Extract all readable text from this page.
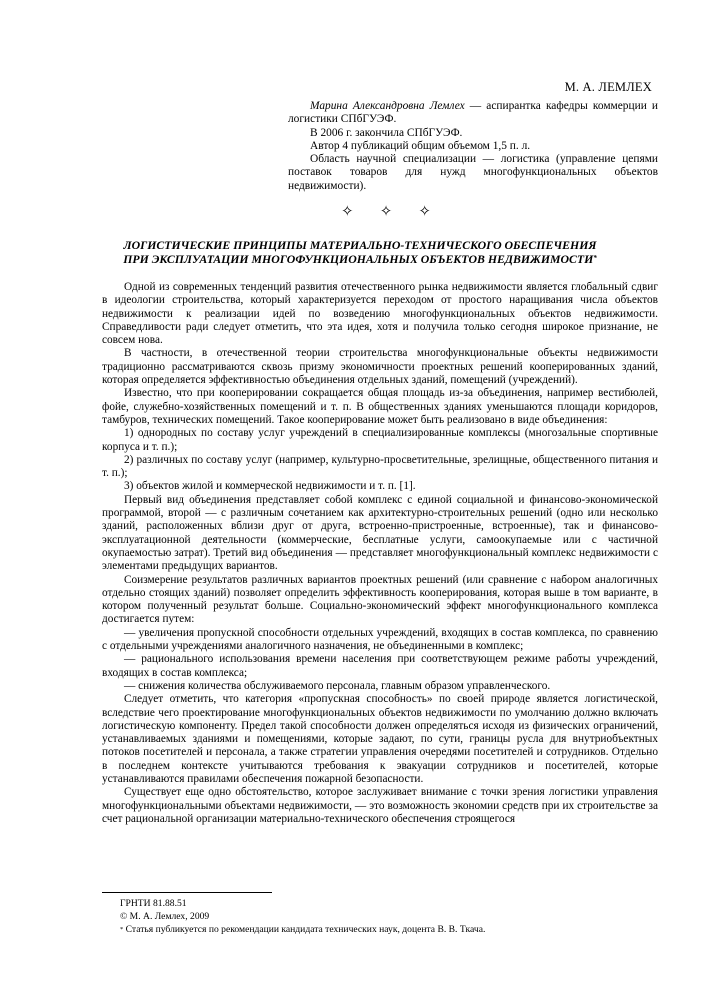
М. А. ЛЕМЛЕХ

Марина Александровна Лемлех — аспирантка кафедры коммерции и логистики СПбГУЭФ.

В 2006 г. закончила СПбГУЭФ.

Автор 4 публикаций общим объемом 1,5 п. л.

Область научной специализации — логистика (управление цепями поставок товаров для нужд многофункциональных объектов недвижимости).

✧ ✧ ✧
ЛОГИСТИЧЕСКИЕ ПРИНЦИПЫ МАТЕРИАЛЬНО-ТЕХНИЧЕСКОГО ОБЕСПЕЧЕНИЯ
ПРИ ЭКСПЛУАТАЦИИ МНОГОФУНКЦИОНАЛЬНЫХ ОБЪЕКТОВ НЕДВИЖИМОСТИ*

Одной из современных тенденций развития отечественного рынка недвижимости является глобальный сдвиг в идеологии строительства, который характеризуется переходом от простого наращивания числа объектов недвижимости к реализации идей по возведению многофункциональных объектов недвижимости. Справедливости ради следует отметить, что эта идея, хотя и получила только сегодня широкое признание, не совсем нова.

В частности, в отечественной теории строительства многофункциональные объекты недвижимости традиционно рассматриваются сквозь призму экономичности проектных решений кооперированных зданий, которая определяется эффективностью объединения отдельных зданий, помещений (учреждений).

Известно, что при кооперировании сокращается общая площадь из-за объединения, например вестибюлей, фойе, служебно-хозяйственных помещений и т. п. В общественных зданиях уменьшаются площади коридоров, тамбуров, технических помещений. Такое кооперирование может быть реализовано в виде объединения:

1) однородных по составу услуг учреждений в специализированные комплексы (многозальные спортивные корпуса и т. п.);

2) различных по составу услуг (например, культурно-просветительные, зрелищные, общественного питания и т. п.);

3) объектов жилой и коммерческой недвижимости и т. п. [1].

Первый вид объединения представляет собой комплекс с единой социальной и финансово-экономической программой, второй — с различным сочетанием как архитектурно-строительных решений (одно или несколько зданий, расположенных вблизи друг от друга, встроенно-пристроенные, встроенные), так и финансово-эксплуатационной деятельности (коммерческие, бесплатные услуги, самоокупаемые или с частичной окупаемостью затрат). Третий вид объединения — представляет многофункциональный комплекс недвижимости с элементами предыдущих вариантов.

Соизмерение результатов различных вариантов проектных решений (или сравнение с набором аналогичных отдельно стоящих зданий) позволяет определить эффективность кооперирования, которая выше в том варианте, в котором полученный результат больше. Социально-экономический эффект многофункционального комплекса достигается путем:

— увеличения пропускной способности отдельных учреждений, входящих в состав комплекса, по сравнению с отдельными учреждениями аналогичного назначения, не объединенными в комплекс;

— рационального использования времени населения при соответствующем режиме работы учреждений, входящих в состав комплекса;

— снижения количества обслуживаемого персонала, главным образом управленческого.

Следует отметить, что категория «пропускная способность» по своей природе является логистической, вследствие чего проектирование многофункциональных объектов недвижимости по умолчанию должно включать логистическую компоненту. Предел такой способности должен определяться исходя из физических ограничений, устанавливаемых зданиями и помещениями, которые задают, по сути, границы русла для внутриобъектных потоков посетителей и персонала, а также стратегии управления очередями посетителей и сотрудников. Отдельно в последнем контексте учитываются требования к эвакуации сотрудников и посетителей, которые

устанавливаются правилами обеспечения пожарной безопасности.

Существует еще одно обстоятельство, которое заслуживает внимание с точки зрения логистики управления многофункциональными объектами недвижимости, — это возможность экономии средств при их строительстве за счет рациональной организации материально-технического обеспечения строящегося

ГРНТИ 81.88.51

© М. А. Лемлех, 2009

* Статья публикуется по рекомендации кандидата технических наук, доцента В. В. Ткача.
